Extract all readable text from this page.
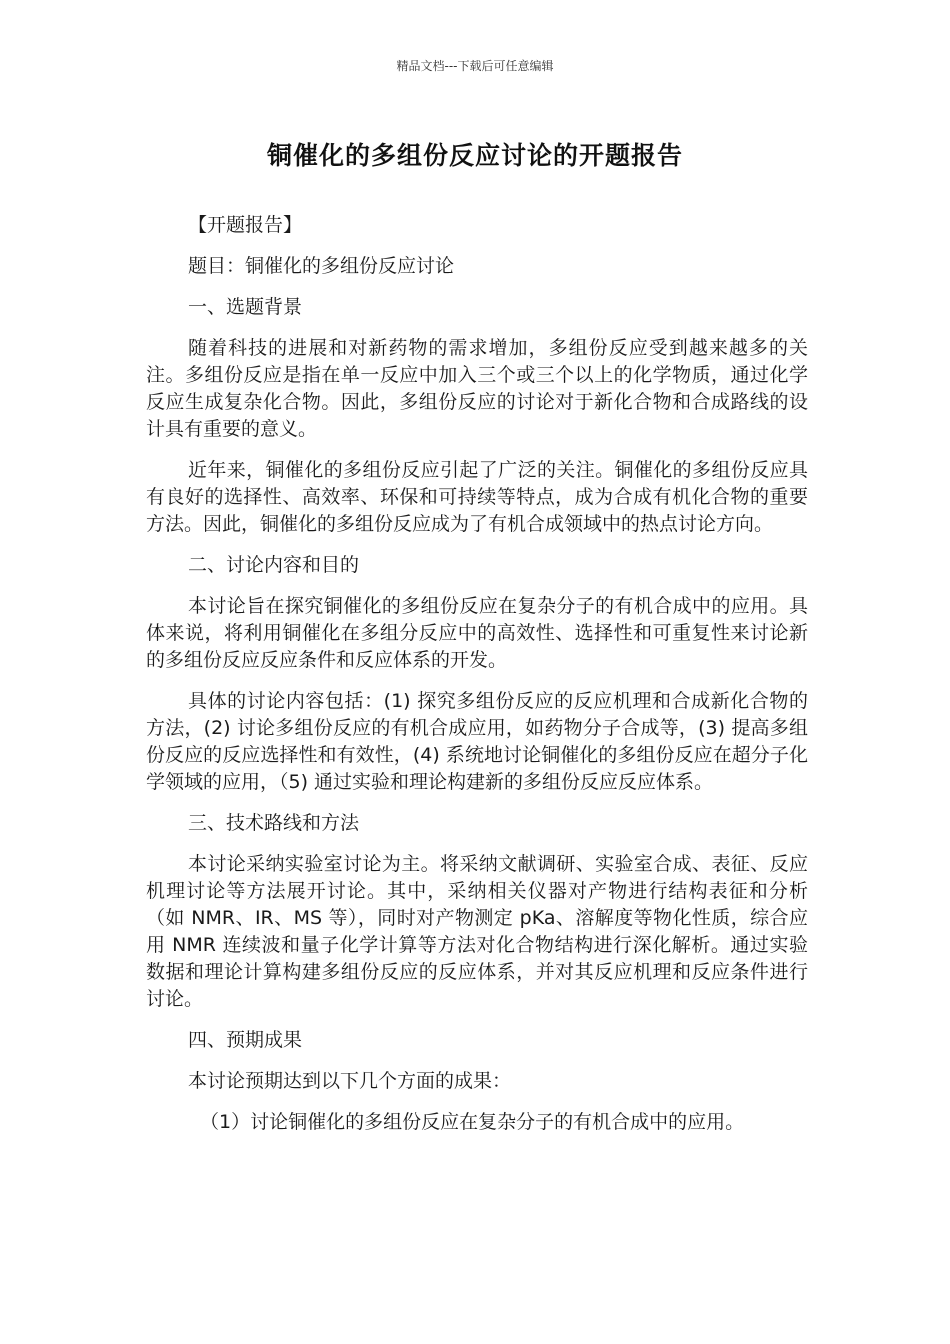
精品文档---下载后可任意编辑
铜催化的多组份反应讨论的开题报告

【开题报告】

题目：铜催化的多组份反应讨论

一、选题背景

随着科技的进展和对新药物的需求增加，多组份反应受到越来越多的关注。多组份反应是指在单一反应中加入三个或三个以上的化学物质，通过化学反应生成复杂化合物。因此，多组份反应的讨论对于新化合物和合成路线的设计具有重要的意义。

近年来，铜催化的多组份反应引起了广泛的关注。铜催化的多组份反应具有良好的选择性、高效率、环保和可持续等特点，成为合成有机化合物的重要方法。因此，铜催化的多组份反应成为了有机合成领域中的热点讨论方向。

二、讨论内容和目的

本讨论旨在探究铜催化的多组份反应在复杂分子的有机合成中的应用。具体来说，将利用铜催化在多组分反应中的高效性、选择性和可重复性来讨论新的多组份反应反应条件和反应体系的开发。

具体的讨论内容包括：(1) 探究多组份反应的反应机理和合成新化合物的方法，(2) 讨论多组份反应的有机合成应用，如药物分子合成等，(3) 提高多组份反应的反应选择性和有效性，(4) 系统地讨论铜催化的多组份反应在超分子化学领域的应用，（5) 通过实验和理论构建新的多组份反应反应体系。

三、技术路线和方法

本讨论采纳实验室讨论为主。将采纳文献调研、实验室合成、表征、反应机理讨论等方法展开讨论。其中，采纳相关仪器对产物进行结构表征和分析（如 NMR、IR、MS 等），同时对产物测定 pKa、溶解度等物化性质，综合应用 NMR 连续波和量子化学计算等方法对化合物结构进行深化解析。通过实验数据和理论计算构建多组份反应的反应体系，并对其反应机理和反应条件进行讨论。

四、预期成果

本讨论预期达到以下几个方面的成果：

（1）讨论铜催化的多组份反应在复杂分子的有机合成中的应用。
